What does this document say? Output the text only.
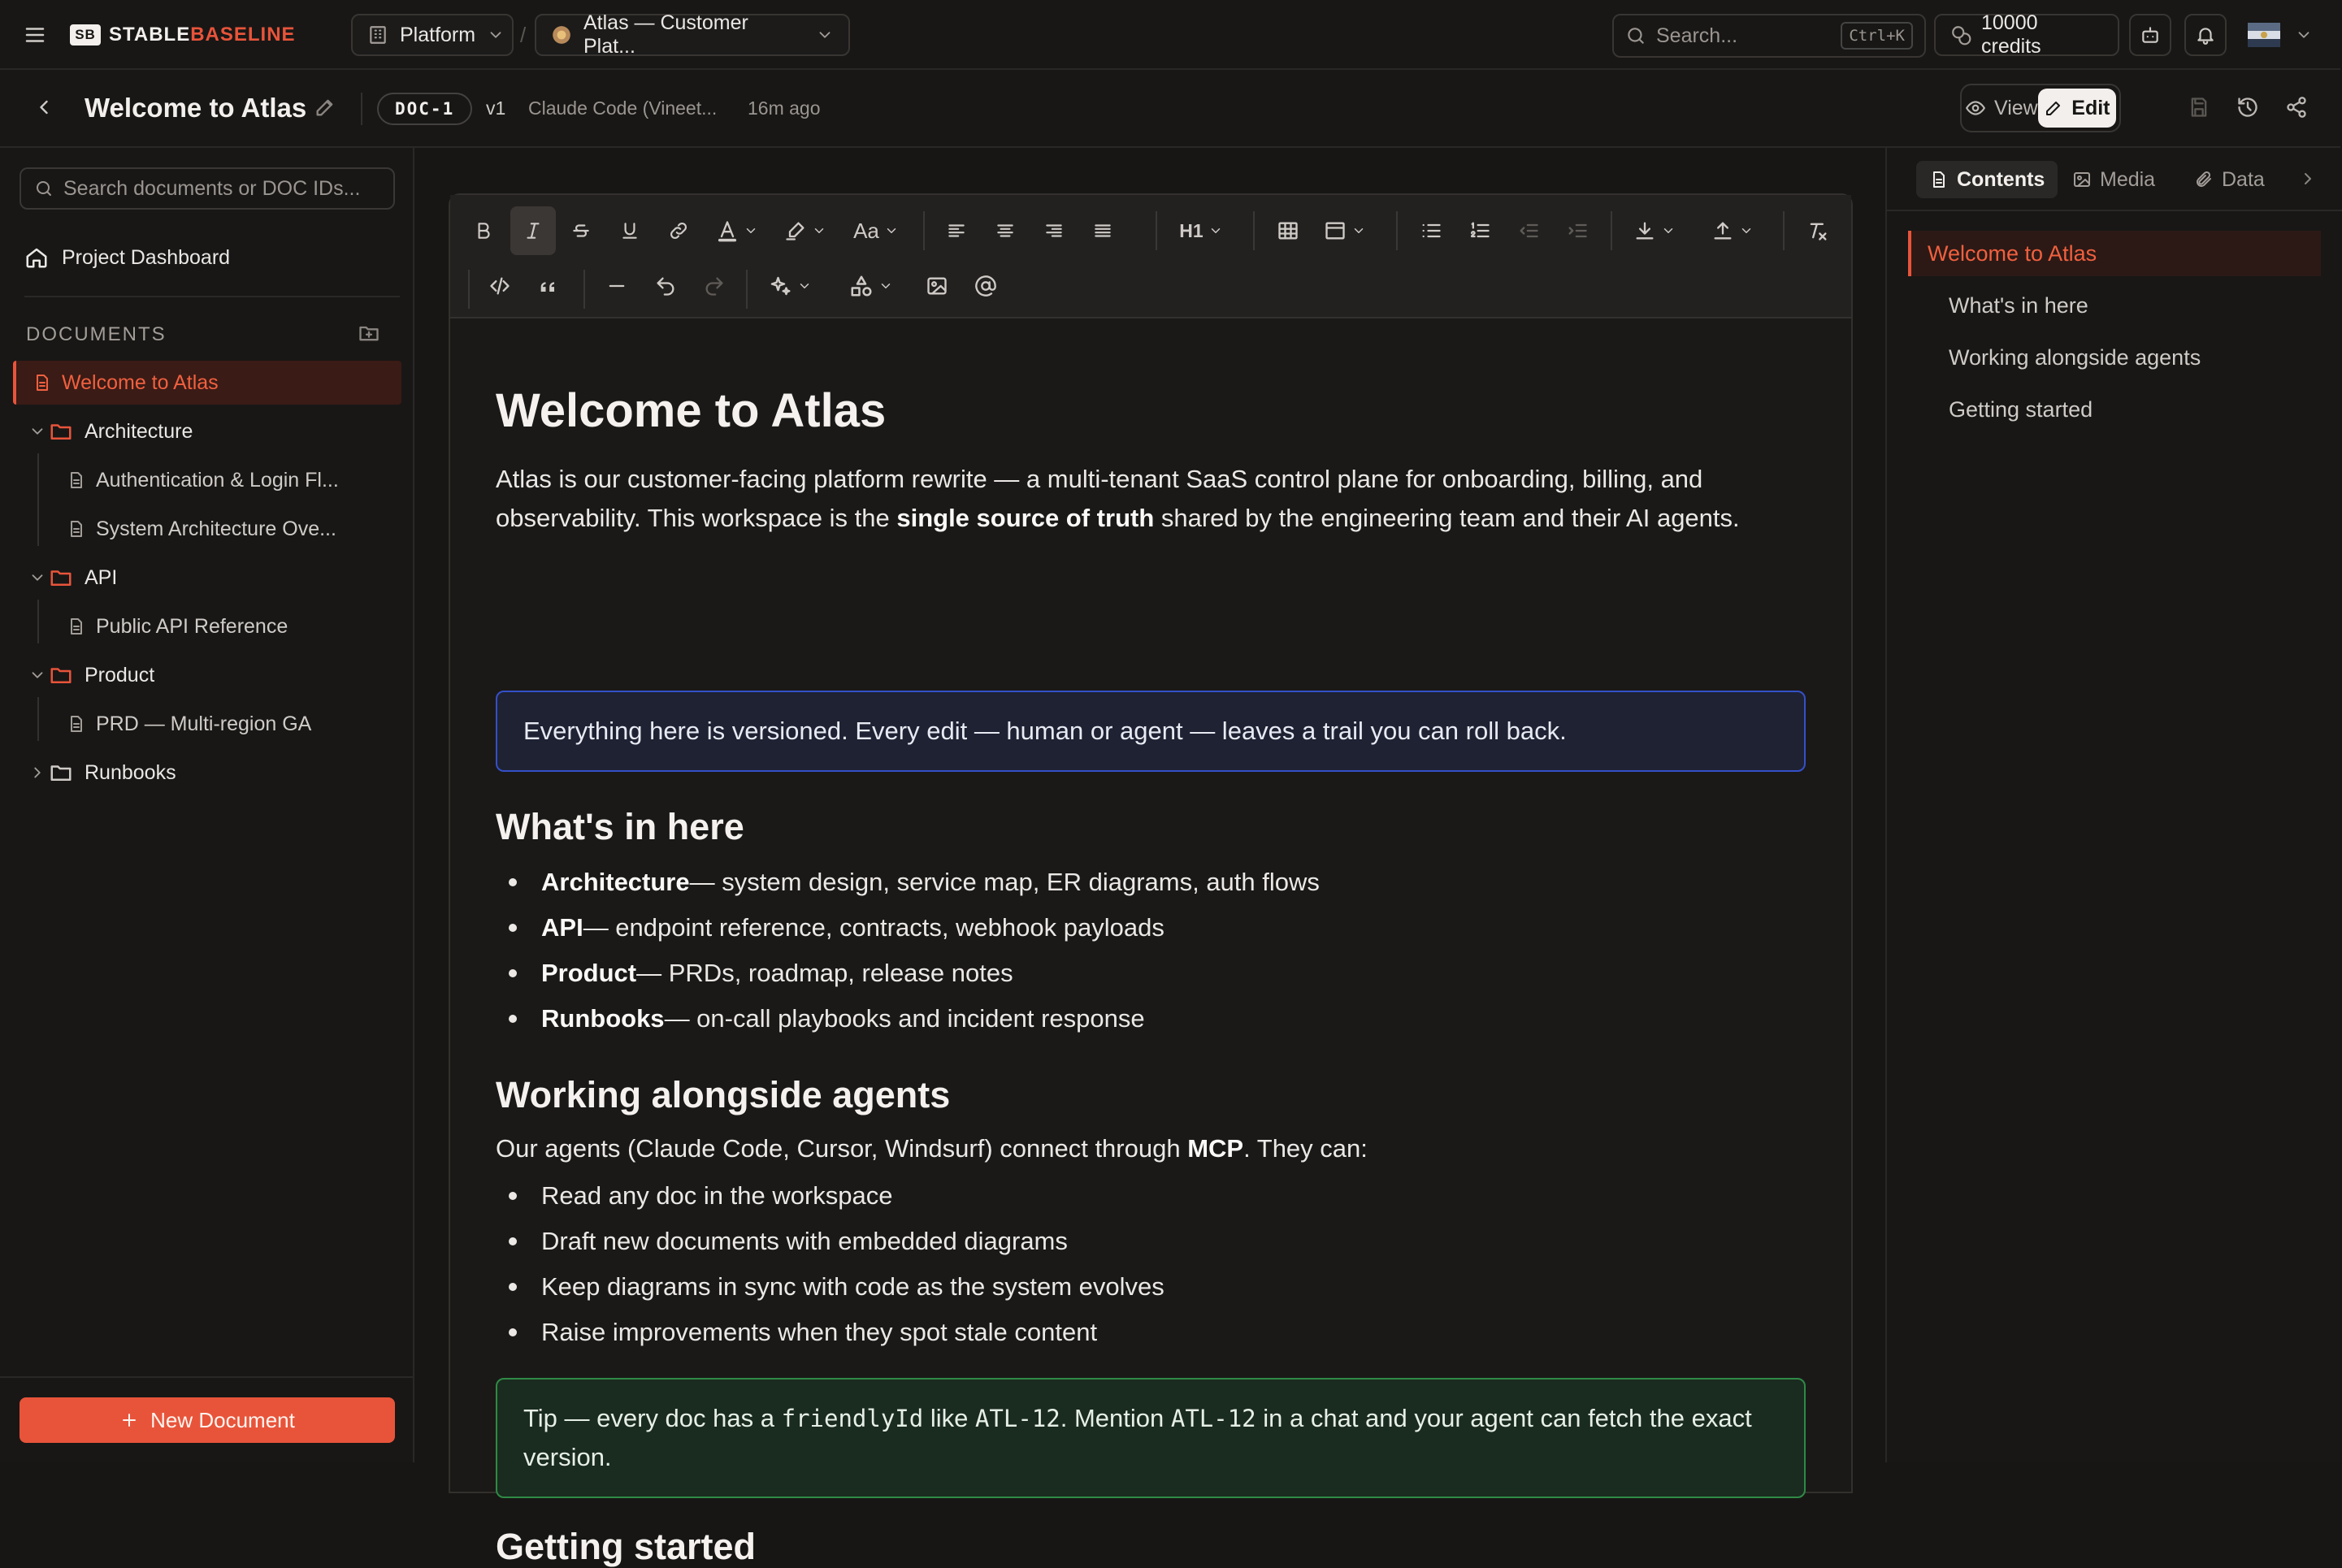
SB STABLEBASELINE	Platform /	Atlas — Customer Plat...	Search...	Ctrl+K
10000 credits
Welcome to Atlas	DOC-1	v1 Claude Code (Vineet... 16m ago	View Edit
Search documents or DOC IDs...
Project Dashboard
DOCUMENTS
Welcome to Atlas
Architecture
Authentication & Login Fl...
System Architecture Ove...
API
Public API Reference
Product
PRD — Multi-region GA
Runbooks
New Document
Aa	H1
Welcome to Atlas
Atlas is our customer-facing platform rewrite — a multi-tenant SaaS control plane for onboarding, billing, and observability. This workspace is the single source of truth shared by the engineering team and their AI agents.
Everything here is versioned. Every edit — human or agent — leaves a trail you can roll back.
What's in here
Architecture — system design, service map, ER diagrams, auth flows
API — endpoint reference, contracts, webhook payloads
Product — PRDs, roadmap, release notes
Runbooks — on-call playbooks and incident response
Working alongside agents
Our agents (Claude Code, Cursor, Windsurf) connect through MCP. They can:
Read any doc in the workspace
Draft new documents with embedded diagrams
Keep diagrams in sync with code as the system evolves
Raise improvements when they spot stale content
Tip — every doc has a friendlyId like ATL-12. Mention ATL-12 in a chat and your agent can fetch the exact version.
Getting started
Contents	Media	Data
Welcome to Atlas
What's in here
Working alongside agents
Getting started
